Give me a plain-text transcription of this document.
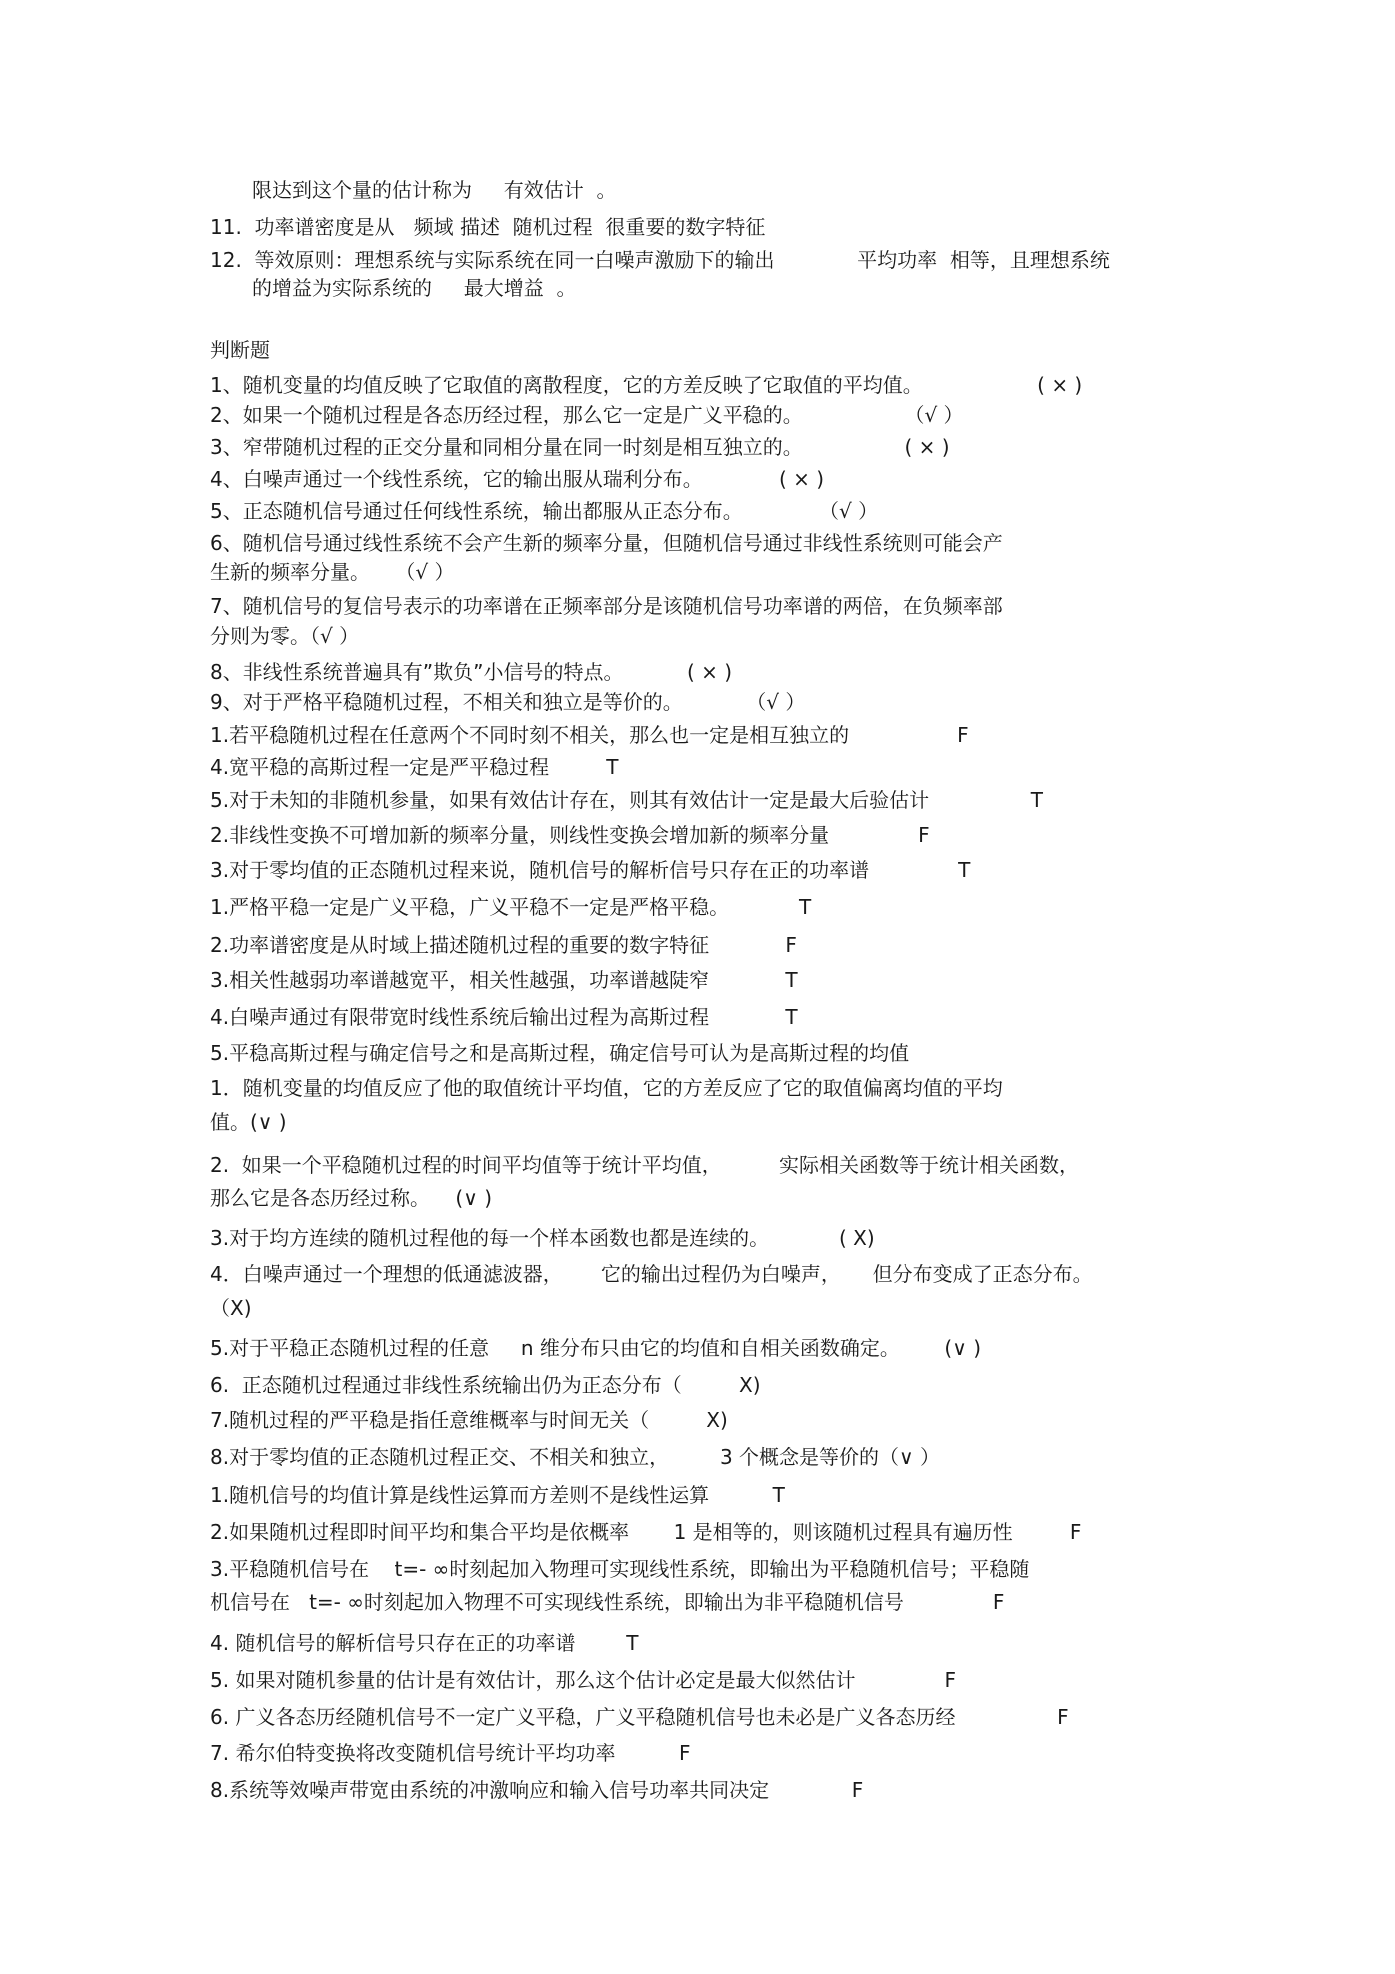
限达到这个量的估计称为     有效估计  。
11.  功率谱密度是从   频域 描述  随机过程  很重要的数字特征
12.  等效原则：理想系统与实际系统在同一白噪声激励下的输出             平均功率  相等，且理想系统
的增益为实际系统的     最大增益  。
判断题
1、随机变量的均值反映了它取值的离散程度，它的方差反映了它取值的平均值。                  ( × )
2、如果一个随机过程是各态历经过程，那么它一定是广义平稳的。                （√ ）
3、窄带随机过程的正交分量和同相分量在同一时刻是相互独立的。                ( × )
4、白噪声通过一个线性系统，它的输出服从瑞利分布。            ( × )
5、正态随机信号通过任何线性系统，输出都服从正态分布。            （√ ）
6、随机信号通过线性系统不会产生新的频率分量，但随机信号通过非线性系统则可能会产
生新的频率分量。    （√ ）
7、随机信号的复信号表示的功率谱在正频率部分是该随机信号功率谱的两倍，在负频率部
分则为零。（√ ）
8、非线性系统普遍具有”欺负”小信号的特点。          ( × )
9、对于严格平稳随机过程，不相关和独立是等价的。          （√ ）
1.若平稳随机过程在任意两个不同时刻不相关，那么也一定是相互独立的                 F
4.宽平稳的高斯过程一定是严平稳过程         T
5.对于未知的非随机参量，如果有效估计存在，则其有效估计一定是最大后验估计                T
2.非线性变换不可增加新的频率分量，则线性变换会增加新的频率分量              F
3.对于零均值的正态随机过程来说，随机信号的解析信号只存在正的功率谱              T
1.严格平稳一定是广义平稳，广义平稳不一定是严格平稳。           T
2.功率谱密度是从时域上描述随机过程的重要的数字特征            F
3.相关性越弱功率谱越宽平，相关性越强，功率谱越陡窄            T
4.白噪声通过有限带宽时线性系统后输出过程为高斯过程            T
5.平稳高斯过程与确定信号之和是高斯过程，确定信号可认为是高斯过程的均值
1．随机变量的均值反应了他的取值统计平均值，它的方差反应了它的取值偏离均值的平均
值。(∨ )
2.  如果一个平稳随机过程的时间平均值等于统计平均值，         实际相关函数等于统计相关函数，
那么它是各态历经过称。    (∨ )
3.对于均方连续的随机过程他的每一个样本函数也都是连续的。           ( X)
4．白噪声通过一个理想的低通滤波器，      它的输出过程仍为白噪声，     但分布变成了正态分布。
（X)
5.对于平稳正态随机过程的任意     n 维分布只由它的均值和自相关函数确定。       (∨ )
6.  正态随机过程通过非线性系统输出仍为正态分布（         X)
7.随机过程的严平稳是指任意维概率与时间无关（         X)
8.对于零均值的正态随机过程正交、不相关和独立，        3 个概念是等价的（∨ ）
1.随机信号的均值计算是线性运算而方差则不是线性运算          T
2.如果随机过程即时间平均和集合平均是依概率       1 是相等的，则该随机过程具有遍历性         F
3.平稳随机信号在    t=- ∞时刻起加入物理可实现线性系统，即输出为平稳随机信号；平稳随
机信号在   t=- ∞时刻起加入物理不可实现线性系统，即输出为非平稳随机信号              F
4. 随机信号的解析信号只存在正的功率谱        T
5. 如果对随机参量的估计是有效估计，那么这个估计必定是最大似然估计              F
6. 广义各态历经随机信号不一定广义平稳，广义平稳随机信号也未必是广义各态历经                F
7. 希尔伯特变换将改变随机信号统计平均功率          F
8.系统等效噪声带宽由系统的冲激响应和输入信号功率共同决定             F
